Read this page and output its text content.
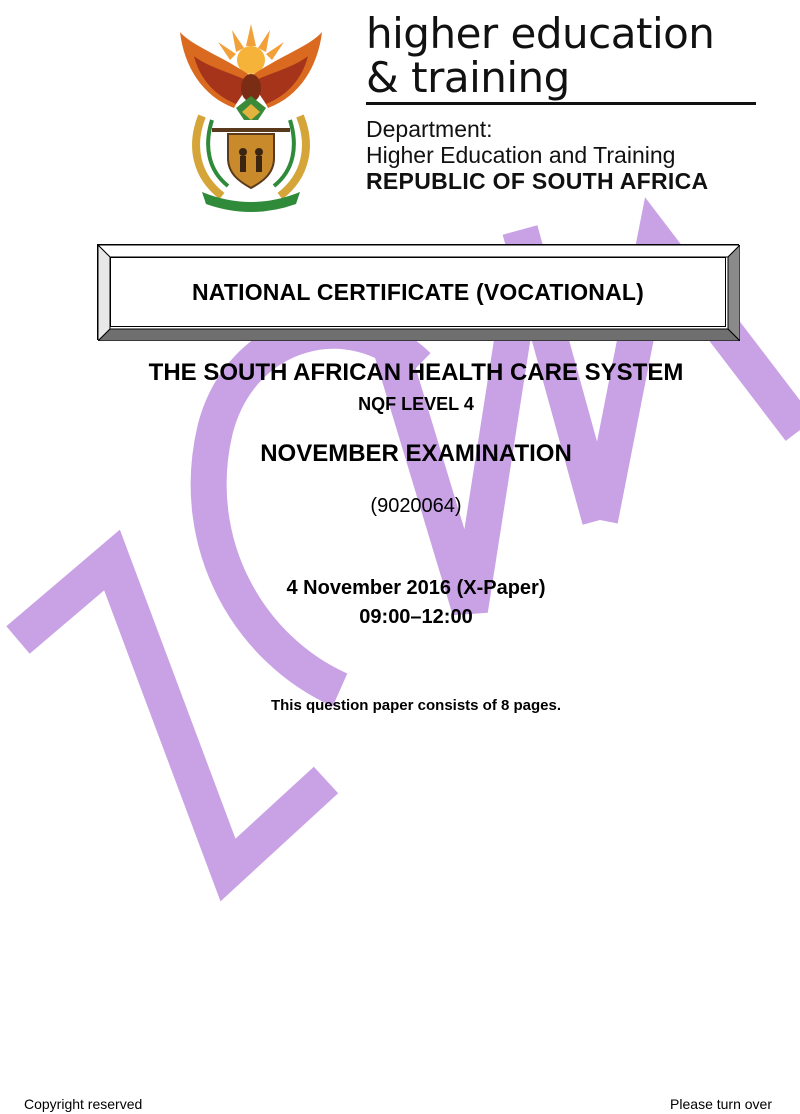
higher education
& training
Department:
Higher Education and Training
REPUBLIC OF SOUTH AFRICA
NATIONAL CERTIFICATE (VOCATIONAL)
THE SOUTH AFRICAN HEALTH CARE SYSTEM
NQF LEVEL 4
NOVEMBER EXAMINATION
(9020064)
4 November 2016 (X-Paper)
09:00–12:00
This question paper consists of 8 pages.
Copyright reserved	Please turn over
